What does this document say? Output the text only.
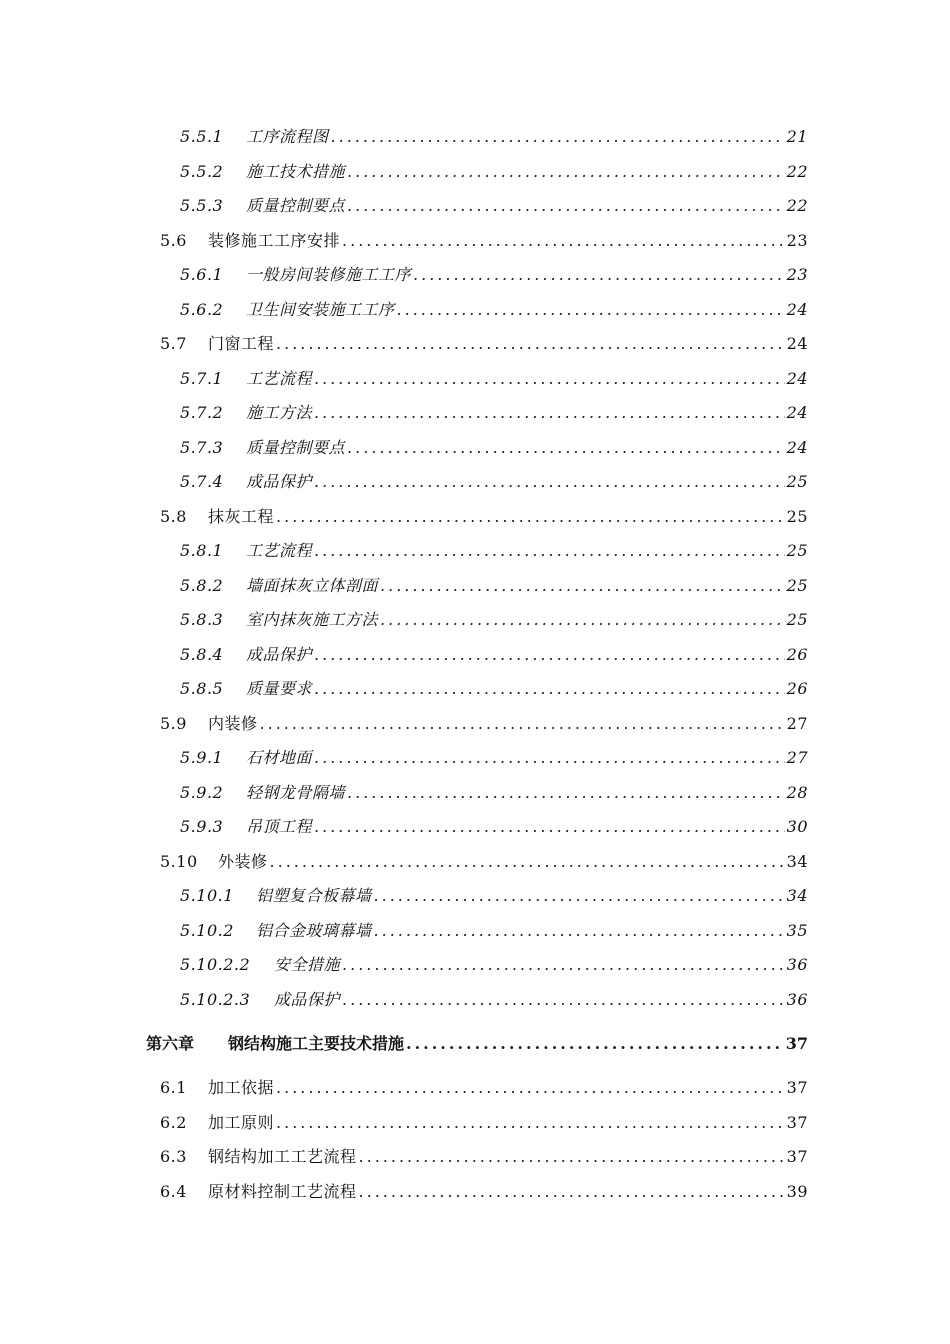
5.5.1	工序流程图 .....	21
5.5.2	施工技术措施 .....	22
5.5.3	质量控制要点 .....	22
5.6	装修施工工序安排 .....	23
5.6.1	一般房间装修施工工序 .....	23
5.6.2	卫生间安装施工工序 .....	24
5.7	门窗工程 .....	24
5.7.1	工艺流程 .....	24
5.7.2	施工方法 .....	24
5.7.3	质量控制要点 .....	24
5.7.4	成品保护 .....	25
5.8	抹灰工程 .....	25
5.8.1	工艺流程 .....	25
5.8.2	墙面抹灰立体剖面 .....	25
5.8.3	室内抹灰施工方法 .....	25
5.8.4	成品保护 .....	26
5.8.5	质量要求 .....	26
5.9	内装修 .....	27
5.9.1	石材地面 .....	27
5.9.2	轻钢龙骨隔墙 .....	28
5.9.3	吊顶工程 .....	30
5.10	外装修 .....	34
5.10.1	铝塑复合板幕墙 .....	34
5.10.2	铝合金玻璃幕墙 .....	35
5.10.2.2	安全措施 .....	36
5.10.2.3	成品保护 .....	36
第六章	钢结构施工主要技术措施 .....	37
6.1	加工依据 .....	37
6.2	加工原则 .....	37
6.3	钢结构加工工艺流程 .....	37
6.4	原材料控制工艺流程 .....	39
